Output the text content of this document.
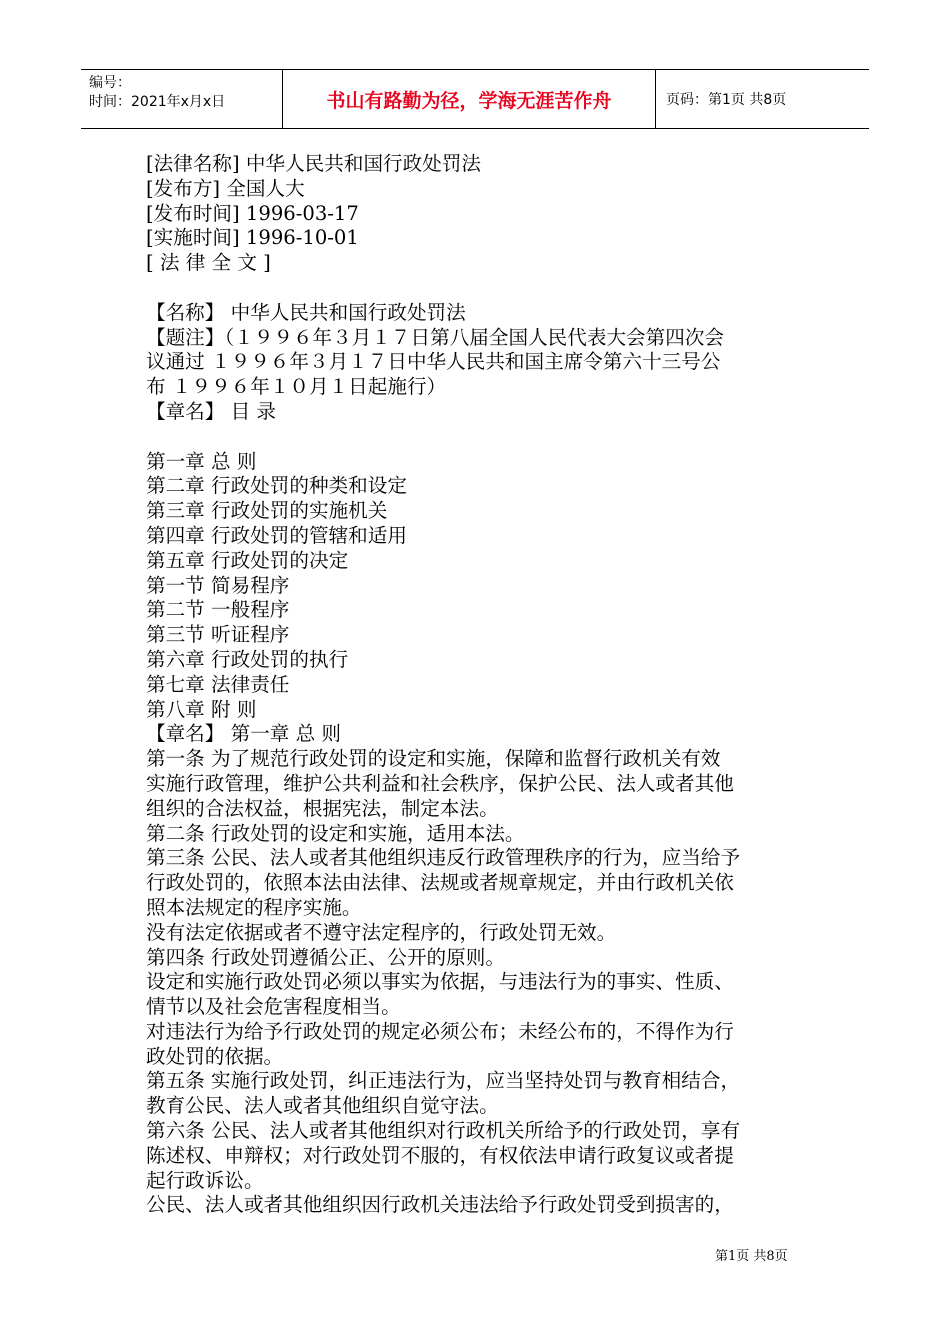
编号：
时间：2021年x月x日	书山有路勤为径，学海无涯苦作舟	页码：第1页 共8页
[法律名称] 中华人民共和国行政处罚法
[发布方] 全国人大
[发布时间] 1996-03-17
[实施时间] 1996-10-01
[ 法 律 全 文 ]
【名称】 中华人民共和国行政处罚法
【题注】（１９９６年３月１７日第八届全国人民代表大会第四次会
议通过 １９９６年３月１７日中华人民共和国主席令第六十三号公
布 １９９６年１０月１日起施行）
【章名】 目 录
第一章 总 则
第二章 行政处罚的种类和设定
第三章 行政处罚的实施机关
第四章 行政处罚的管辖和适用
第五章 行政处罚的决定
第一节 简易程序
第二节 一般程序
第三节 听证程序
第六章 行政处罚的执行
第七章 法律责任
第八章 附 则
【章名】 第一章 总 则
第一条 为了规范行政处罚的设定和实施，保障和监督行政机关有效
实施行政管理，维护公共利益和社会秩序，保护公民、法人或者其他
组织的合法权益，根据宪法，制定本法。
第二条 行政处罚的设定和实施，适用本法。
第三条 公民、法人或者其他组织违反行政管理秩序的行为，应当给予
行政处罚的，依照本法由法律、法规或者规章规定，并由行政机关依
照本法规定的程序实施。
没有法定依据或者不遵守法定程序的，行政处罚无效。
第四条 行政处罚遵循公正、公开的原则。
设定和实施行政处罚必须以事实为依据，与违法行为的事实、性质、
情节以及社会危害程度相当。
对违法行为给予行政处罚的规定必须公布；未经公布的，不得作为行
政处罚的依据。
第五条 实施行政处罚，纠正违法行为，应当坚持处罚与教育相结合，
教育公民、法人或者其他组织自觉守法。
第六条 公民、法人或者其他组织对行政机关所给予的行政处罚，享有
陈述权、申辩权；对行政处罚不服的，有权依法申请行政复议或者提
起行政诉讼。
公民、法人或者其他组织因行政机关违法给予行政处罚受到损害的，
第1页 共8页
